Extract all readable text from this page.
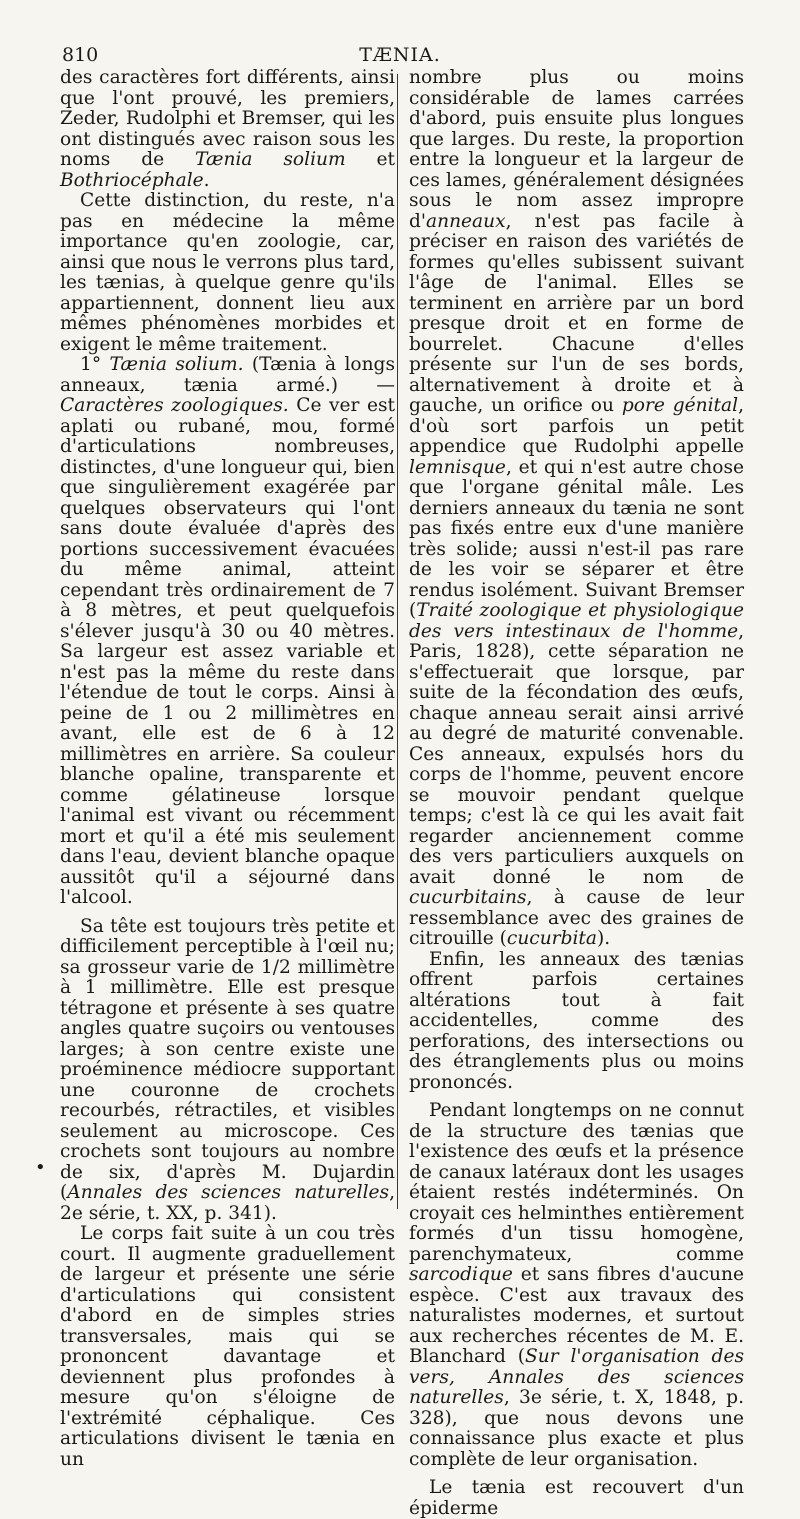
810	TÆNIA.
•

des caractères fort différents, ainsi que l'ont prouvé, les premiers, Zeder, Rudolphi et Bremser, qui les ont distingués avec raison sous les noms de Tænia solium et Bothriocéphale.

Cette distinction, du reste, n'a pas en médecine la même importance qu'en zoologie, car, ainsi que nous le verrons plus tard, les tænias, à quelque genre qu'ils appartiennent, donnent lieu aux mêmes phénomènes morbides et exigent le même traitement.

1° Tænia solium. (Tænia à longs anneaux, tænia armé.) — Caractères zoologiques. Ce ver est aplati ou rubané, mou, formé d'articulations nombreuses, distinctes, d'une longueur qui, bien que singulièrement exagérée par quelques observateurs qui l'ont sans doute évaluée d'après des portions successivement évacuées du même animal, atteint cependant très ordinairement de 7 à 8 mètres, et peut quelquefois s'élever jusqu'à 30 ou 40 mètres. Sa largeur est assez variable et n'est pas la même du reste dans l'étendue de tout le corps. Ainsi à peine de 1 ou 2 millimètres en avant, elle est de 6 à 12 millimètres en arrière. Sa couleur blanche opaline, transparente et comme gélatineuse lorsque l'animal est vivant ou récemment mort et qu'il a été mis seulement dans l'eau, devient blanche opaque aussitôt qu'il a séjourné dans l'alcool.

Sa tête est toujours très petite et difficilement perceptible à l'œil nu; sa grosseur varie de 1/2 millimètre à 1 millimètre. Elle est presque tétragone et présente à ses quatre angles quatre suçoirs ou ventouses larges; à son centre existe une proéminence médiocre supportant une couronne de crochets recourbés, rétractiles, et visibles seulement au microscope. Ces crochets sont toujours au nombre de six, d'après M. Dujardin (Annales des sciences naturelles, 2e série, t. XX, p. 341).

Le corps fait suite à un cou très court. Il augmente graduellement de largeur et présente une série d'articulations qui consistent d'abord en de simples stries transversales, mais qui se prononcent davantage et deviennent plus profondes à mesure qu'on s'éloigne de l'extrémité céphalique. Ces articulations divisent le tænia en un

nombre plus ou moins considérable de lames carrées d'abord, puis ensuite plus longues que larges. Du reste, la proportion entre la longueur et la largeur de ces lames, généralement désignées sous le nom assez impropre d'anneaux, n'est pas facile à préciser en raison des variétés de formes qu'elles subissent suivant l'âge de l'animal. Elles se terminent en arrière par un bord presque droit et en forme de bourrelet. Chacune d'elles présente sur l'un de ses bords, alternativement à droite et à gauche, un orifice ou pore génital, d'où sort parfois un petit appendice que Rudolphi appelle lemnisque, et qui n'est autre chose que l'organe génital mâle. Les derniers anneaux du tænia ne sont pas fixés entre eux d'une manière très solide; aussi n'est-il pas rare de les voir se séparer et être rendus isolément. Suivant Bremser (Traité zoologique et physiologique des vers intestinaux de l'homme, Paris, 1828), cette séparation ne s'effectuerait que lorsque, par suite de la fécondation des œufs, chaque anneau serait ainsi arrivé au degré de maturité convenable. Ces anneaux, expulsés hors du corps de l'homme, peuvent encore se mouvoir pendant quelque temps; c'est là ce qui les avait fait regarder anciennement comme des vers particuliers auxquels on avait donné le nom de cucurbitains, à cause de leur ressemblance avec des graines de citrouille (cucurbita).

Enfin, les anneaux des tænias offrent parfois certaines altérations tout à fait accidentelles, comme des perforations, des intersections ou des étranglements plus ou moins prononcés.

Pendant longtemps on ne connut de la structure des tænias que l'existence des œufs et la présence de canaux latéraux dont les usages étaient restés indéterminés. On croyait ces helminthes entièrement formés d'un tissu homogène, parenchymateux, comme sarcodique et sans fibres d'aucune espèce. C'est aux travaux des naturalistes modernes, et surtout aux recherches récentes de M. E. Blanchard (Sur l'organisation des vers, Annales des sciences naturelles, 3e série, t. X, 1848, p. 328), que nous devons une connaissance plus exacte et plus complète de leur organisation.

Le tænia est recouvert d'un épiderme
